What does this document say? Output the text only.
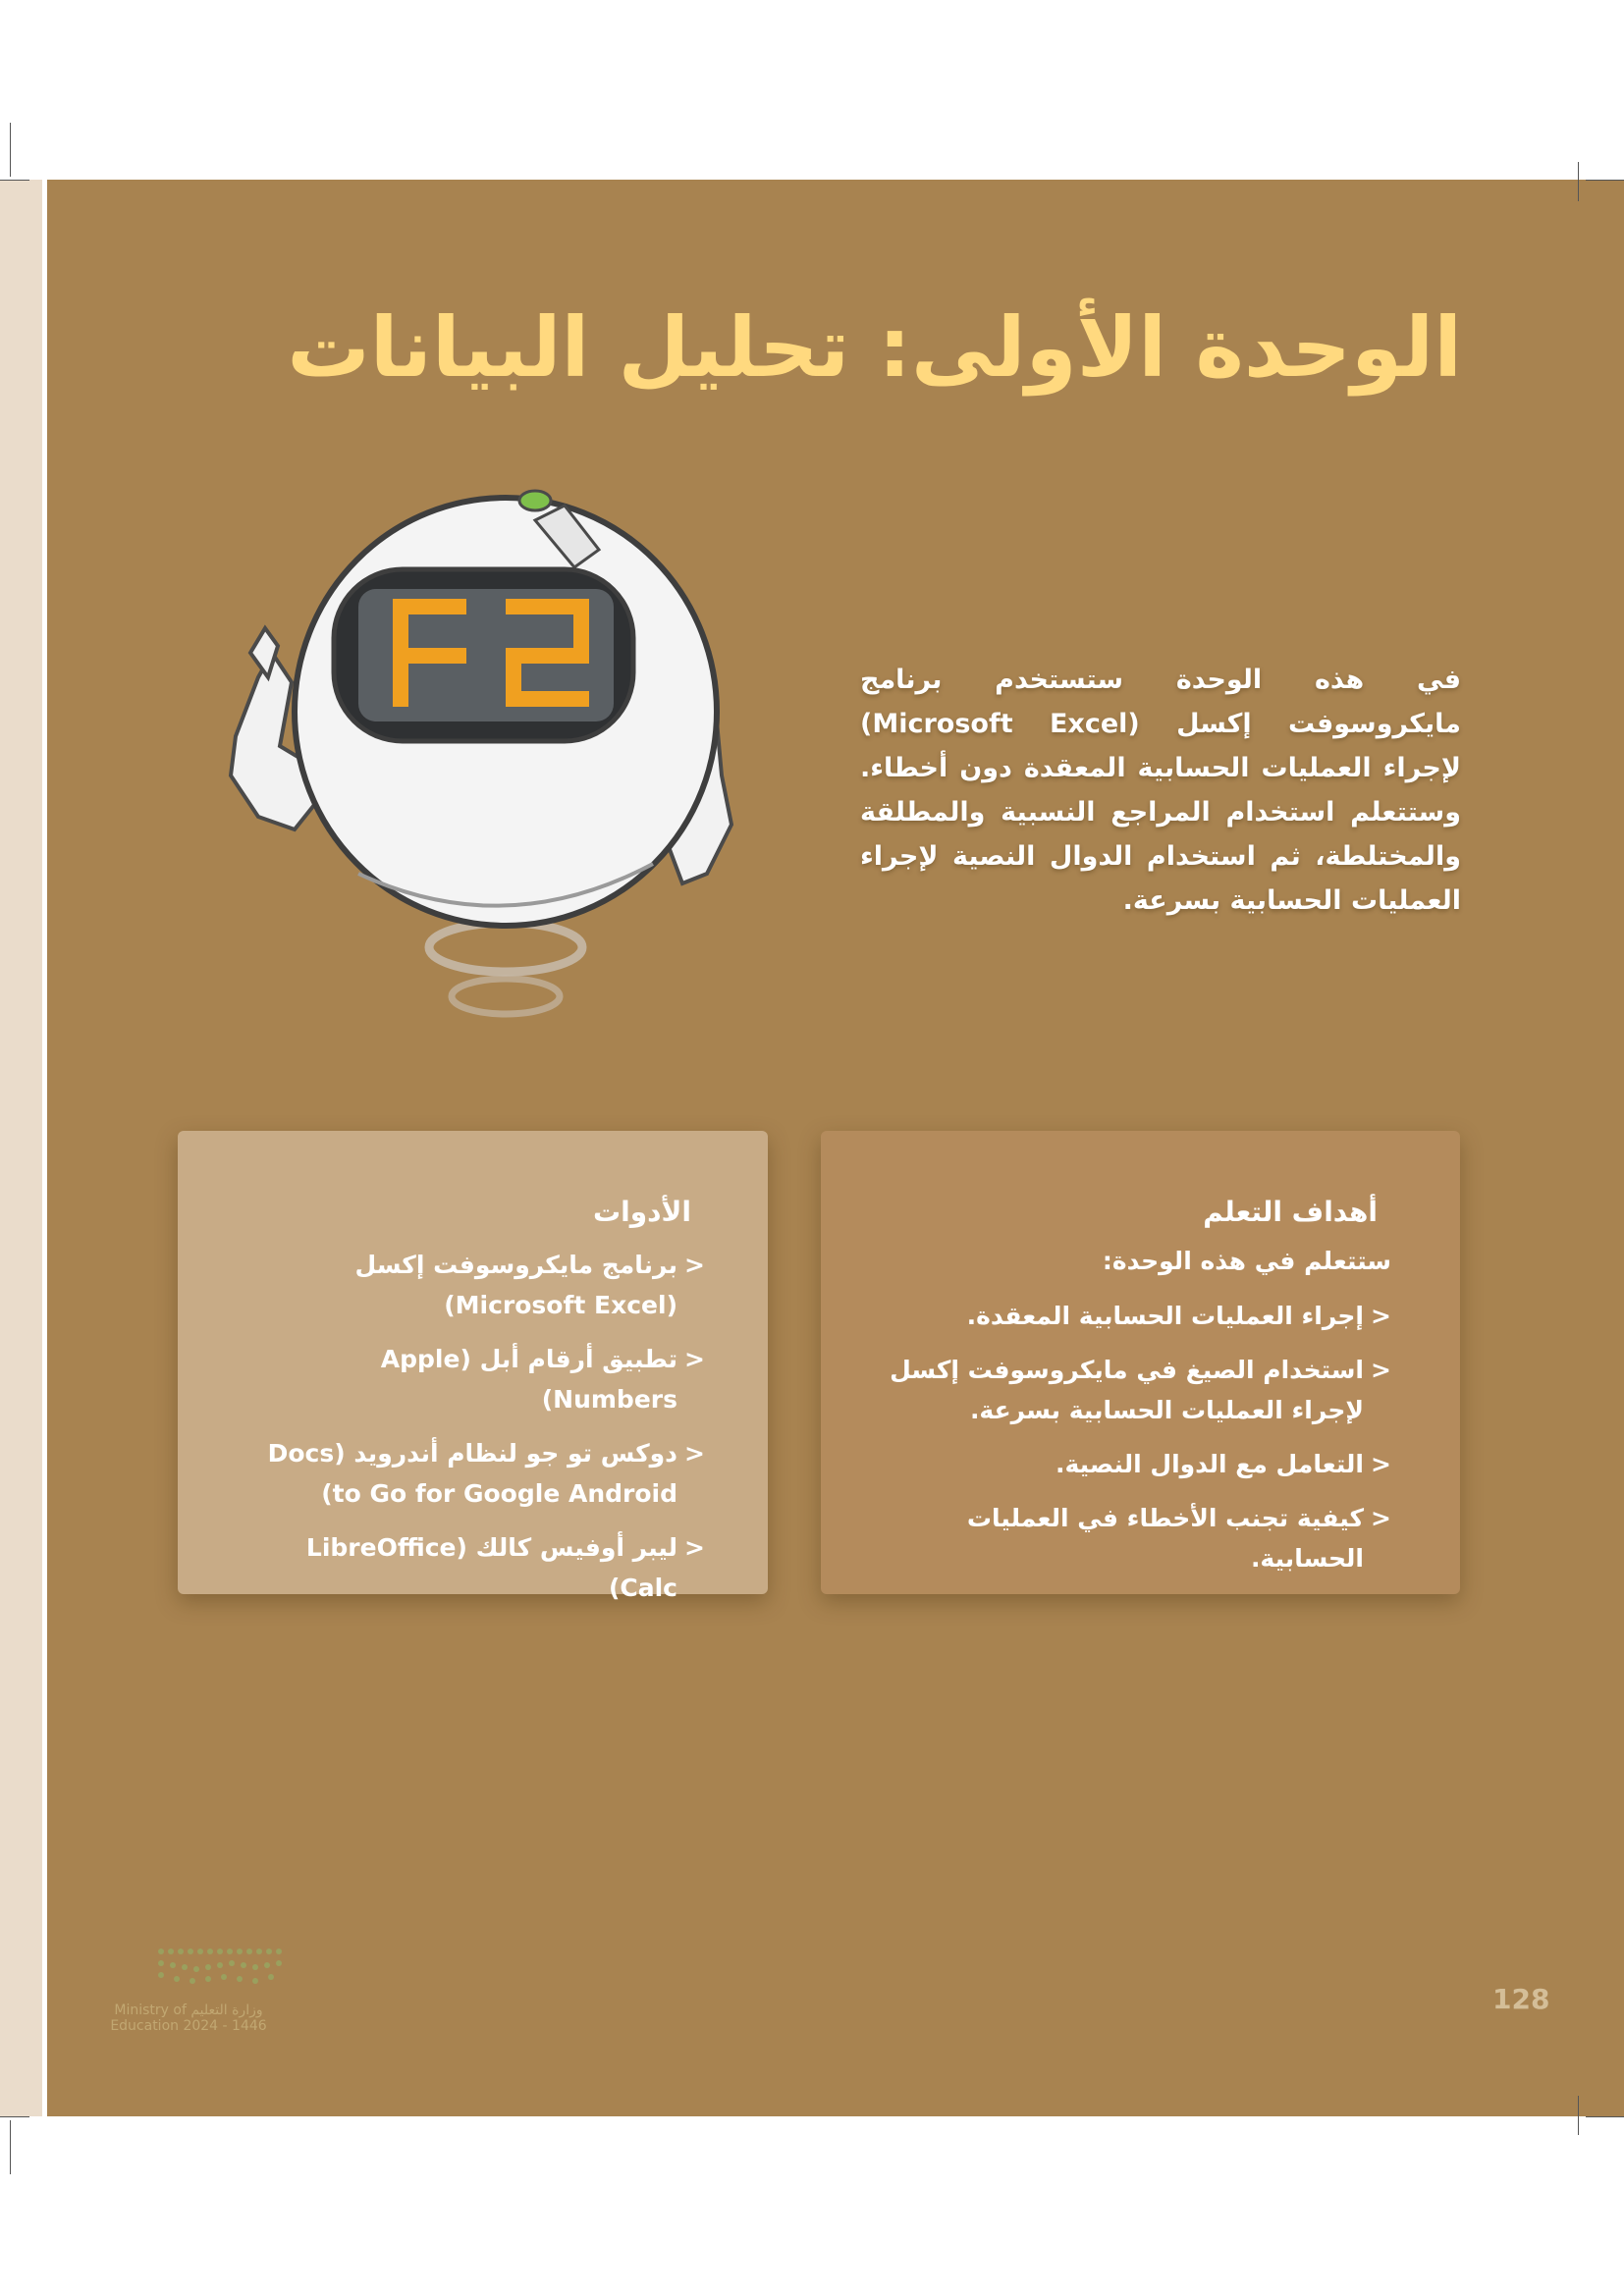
الوحدة الأولى: تحليل البيانات

في هذه الوحدة ستستخدم برنامج مايكروسوفت إكسل (Microsoft Excel) لإجراء العمليات الحسابية المعقدة دون أخطاء. وستتعلم استخدام المراجع النسبية والمطلقة والمختلطة، ثم استخدام الدوال النصية لإجراء العمليات الحسابية بسرعة.

أهداف التعلم

ستتعلم في هذه الوحدة:

<
إجراء العمليات الحسابية المعقدة.
<
استخدام الصيغ في مايكروسوفت إكسل لإجراء العمليات الحسابية بسرعة.
<
التعامل مع الدوال النصية.
<
كيفية تجنب الأخطاء في العمليات الحسابية.
الأدوات
<
برنامج مايكروسوفت إكسل (Microsoft Excel)
<
تطبيق أرقام أبل (Apple Numbers)
<
دوكس تو جو لنظام أندرويد (Docs to Go for Google Android)
<
ليبر أوفيس كالك (LibreOffice Calc)
وزارة التعليم Ministry of Education 2024 - 1446
128
